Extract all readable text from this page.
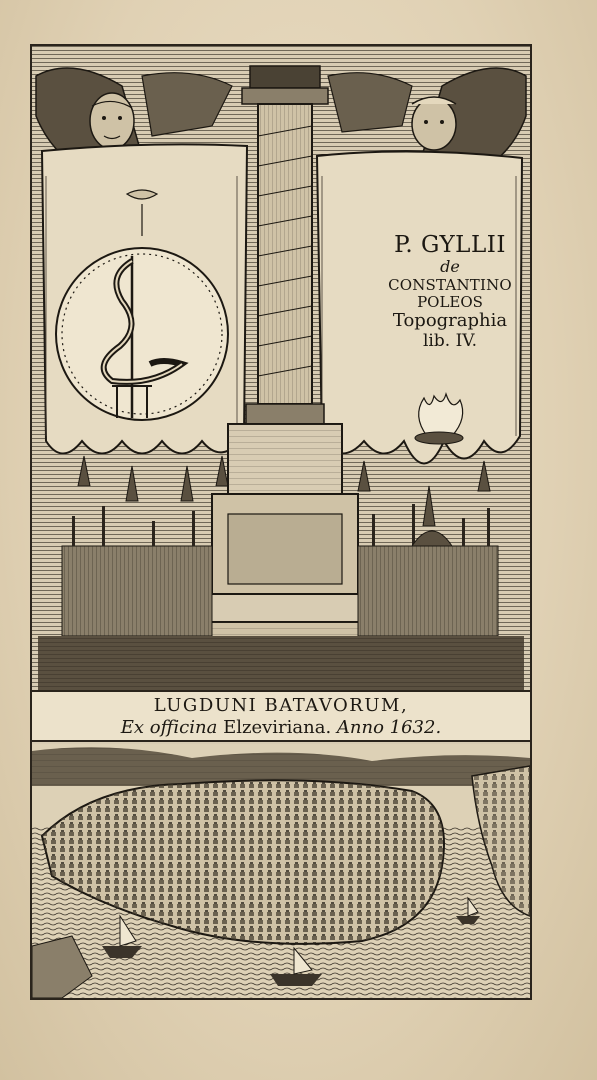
P. GYLLII
de
CONSTANTINO
POLEOS
Topographia
lib. IV.
LUGDUNI BATAVORUM,
Ex officina Elzeviriana. Anno 1632.
